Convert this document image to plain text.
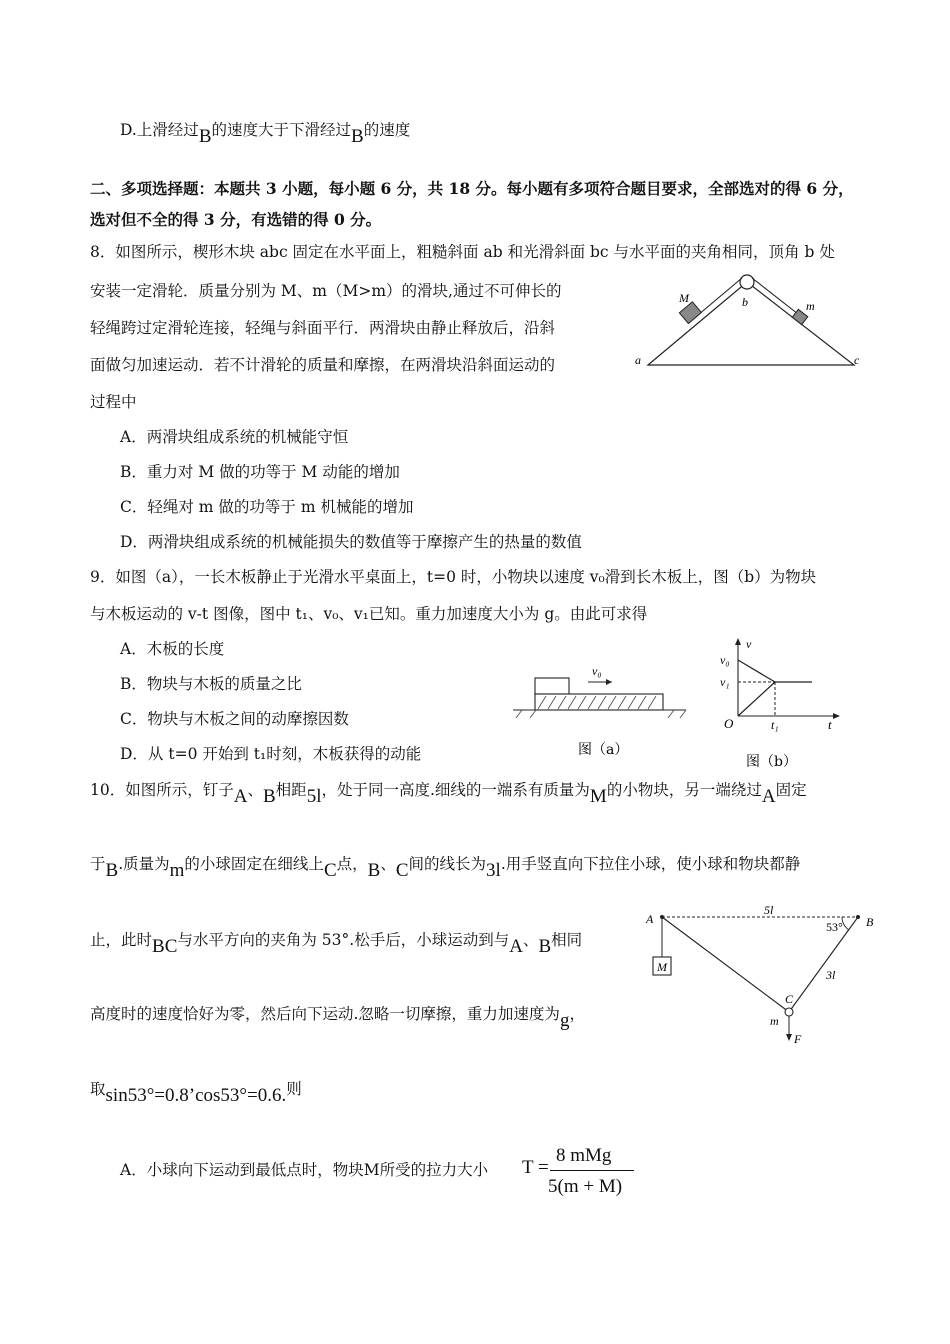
D.上滑经过B的速度大于下滑经过B的速度
二、多项选择题：本题共 3 小题，每小题 6 分，共 18 分。每小题有多项符合题目要求，全部选对的得 6 分，
选对但不全的得 3 分，有选错的得 0 分。
8．如图所示，楔形木块 abc 固定在水平面上，粗糙斜面 ab 和光滑斜面 bc 与水平面的夹角相同，顶角 b 处
安装一定滑轮．质量分别为 M、m（M>m）的滑块,通过不可伸长的
轻绳跨过定滑轮连接，轻绳与斜面平行．两滑块由静止释放后，沿斜
面做匀加速运动．若不计滑轮的质量和摩擦，在两滑块沿斜面运动的
过程中
A．两滑块组成系统的机械能守恒
B．重力对 M 做的功等于 M 动能的增加
C．轻绳对 m 做的功等于 m 机械能的增加
D．两滑块组成系统的机械能损失的数值等于摩擦产生的热量的数值
M
m
b
a	c
9．如图（a），一长木板静止于光滑水平桌面上，t=0 时，小物块以速度 v₀滑到长木板上，图（b）为物块
与木板运动的 v-t 图像，图中 t₁、v₀、v₁已知。重力加速度大小为 g。由此可求得
A．木板的长度
B．物块与木板的质量之比
C．物块与木板之间的动摩擦因数
D．从 t=0 开始到 t₁时刻，木板获得的动能
v₀
图（a）
v
v₀
v₁
O	t₁	t
图（b）
10．如图所示，钉子A、B相距5l，处于同一高度.细线的一端系有质量为M的小物块，另一端绕过A固定
于B.质量为m的小球固定在细线上C点，B、C间的线长为3l.用手竖直向下拉住小球，使小球和物块都静
止，此时BC与水平方向的夹角为 53°.松手后，小球运动到与A、B相同
高度时的速度恰好为零，然后向下运动.忽略一切摩擦，重力加速度为g，
取sin53°=0.8’cos53°=0.6.则
A．小球向下运动到最低点时，物块M所受的拉力大小 T =
8 mMg
5(m + M)
M
A	B
5l
53°
3l
C
m
F
